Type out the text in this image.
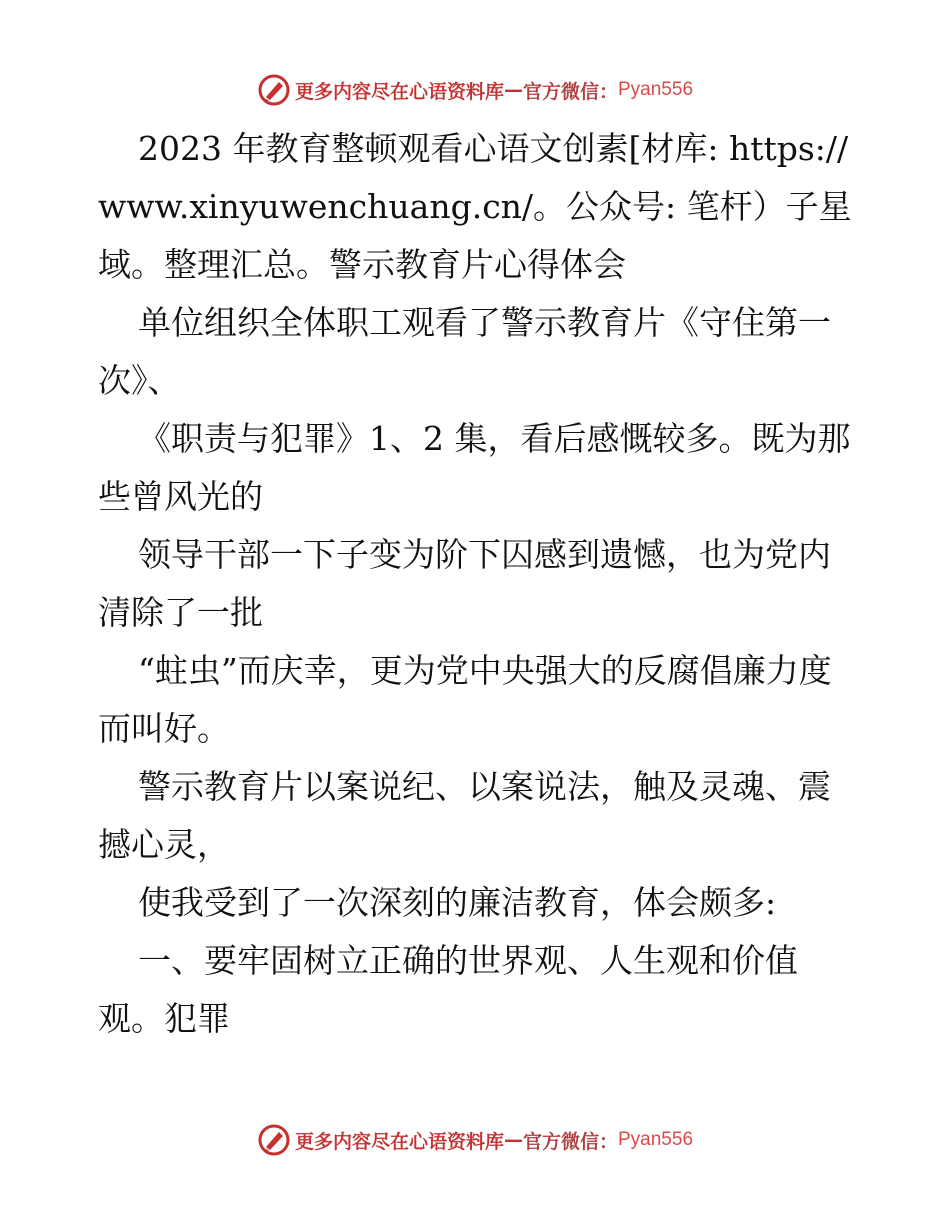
更多内容尽在心语资料库 — 官方微信： Pyan556

2023 年教育整顿观看心语文创素[材库: https://www.xinyuwenchuang.cn/。公众号: 笔杆）子星域。整理汇总。警示教育片心得体会

单位组织全体职工观看了警示教育片《守住第一次》、

《职责与犯罪》1、2 集，看后感慨较多。既为那些曾风光的

领导干部一下子变为阶下囚感到遗憾，也为党内清除了一批

“蛀虫”而庆幸，更为党中央强大的反腐倡廉力度而叫好。

警示教育片以案说纪、以案说法，触及灵魂、震撼心灵，

使我受到了一次深刻的廉洁教育，体会颇多:

一、要牢固树立正确的世界观、人生观和价值观。犯罪

更多内容尽在心语资料库 — 官方微信： Pyan556
